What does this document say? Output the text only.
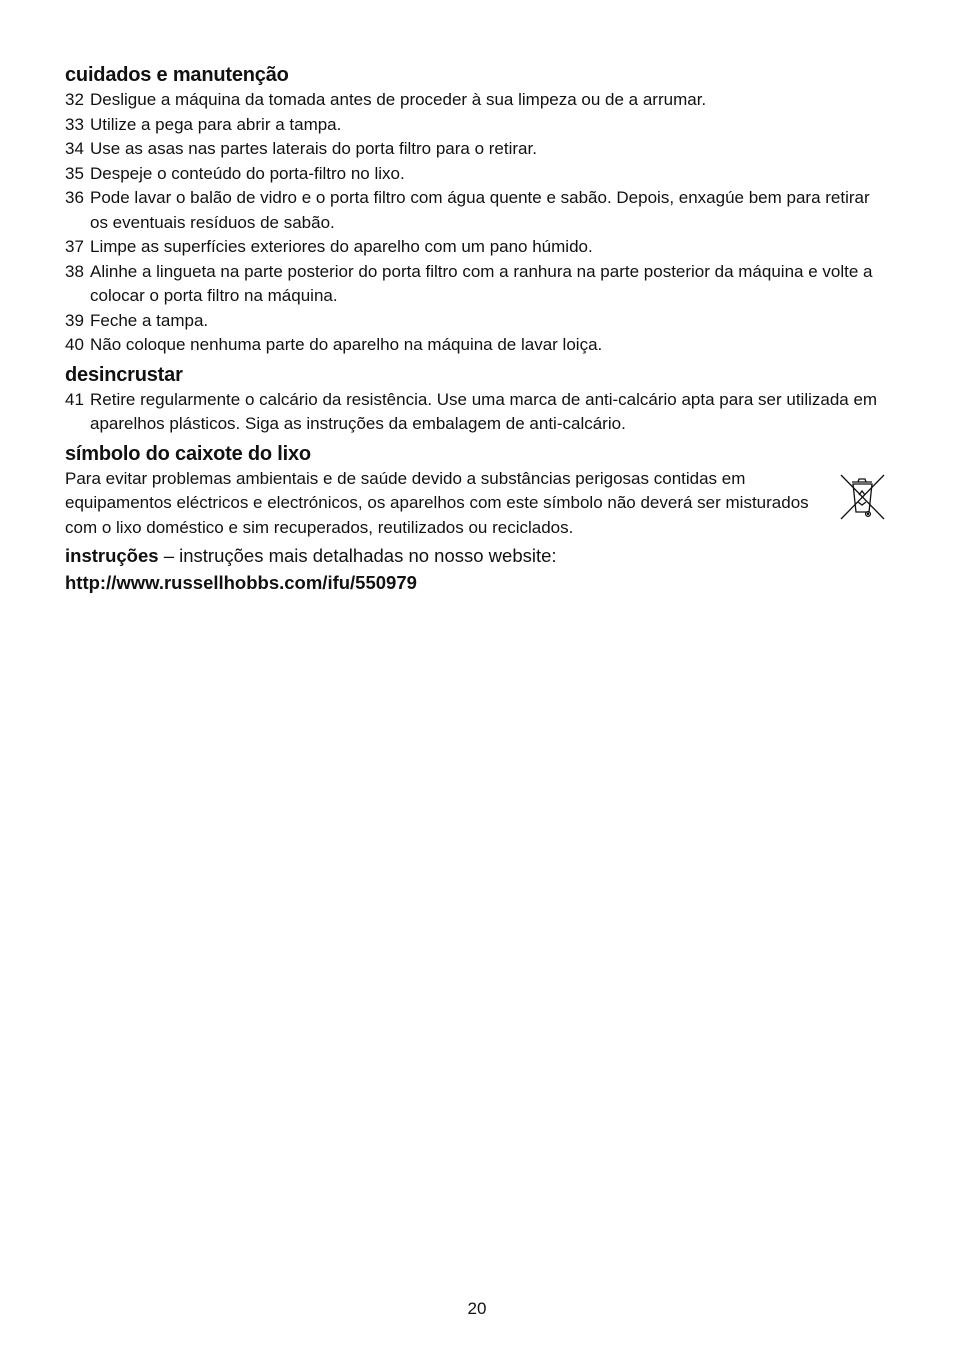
cuidados e manutenção
32 Desligue a máquina da tomada antes de proceder à sua limpeza ou de a arrumar.
33 Utilize a pega para abrir a tampa.
34 Use as asas nas partes laterais do porta filtro para o retirar.
35 Despeje o conteúdo do porta-filtro no lixo.
36 Pode lavar o balão de vidro e o porta filtro com água quente e sabão. Depois, enxagúe bem para retirar os eventuais resíduos de sabão.
37 Limpe as superfícies exteriores do aparelho com um pano húmido.
38 Alinhe a lingueta na parte posterior do porta filtro com a ranhura na parte posterior da máquina e volte a colocar o porta filtro na máquina.
39 Feche a tampa.
40 Não coloque nenhuma parte do aparelho na máquina de lavar loiça.
desincrustar
41 Retire regularmente o calcário da resistência. Use uma marca de anti-calcário apta para ser utilizada em aparelhos plásticos. Siga as instruções da embalagem de anti-calcário.
símbolo do caixote do lixo

Para evitar problemas ambientais e de saúde devido a substâncias perigosas contidas em equipamentos eléctricos e electrónicos, os aparelhos com este símbolo não deverá ser misturados com o lixo doméstico e sim recuperados, reutilizados ou reciclados.

instruções – instruções mais detalhadas no nosso website:

http://www.russellhobbs.com/ifu/550979

20
